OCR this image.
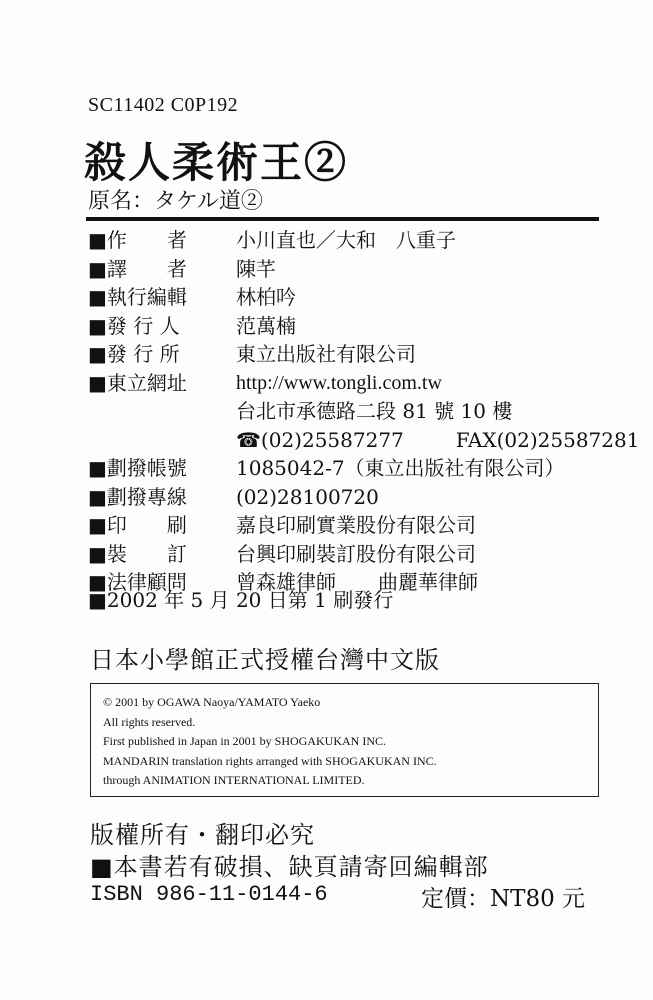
SC11402 C0P192
殺人柔術王②
原名：タケル道②
■作　　者	小川直也／大和　八重子
■譯　　者	陳芊
■執行編輯	林柏吟
■發 行 人	范萬楠
■發 行 所	東立出版社有限公司
■東立網址	http://www.tongli.com.tw
台北市承德路二段 81 號 10 樓
☎(02)25587277	FAX(02)25587281
■劃撥帳號	1085042-7（東立出版社有限公司）
■劃撥專線	(02)28100720
■印　　刷	嘉良印刷實業股份有限公司
■裝　　訂	台興印刷裝訂股份有限公司
■法律顧問	曾森雄律師 曲麗華律師
■2002 年 5 月 20 日第 1 刷發行
日本小學館正式授權台灣中文版
© 2001 by OGAWA Naoya/YAMATO Yaeko
All rights reserved.
First published in Japan in 2001 by SHOGAKUKAN INC.
MANDARIN translation rights arranged with SHOGAKUKAN INC.
through ANIMATION INTERNATIONAL LIMITED.
版權所有・翻印必究
■本書若有破損、缺頁請寄回編輯部
ISBN 986-11-0144-6	定價：NT80 元
